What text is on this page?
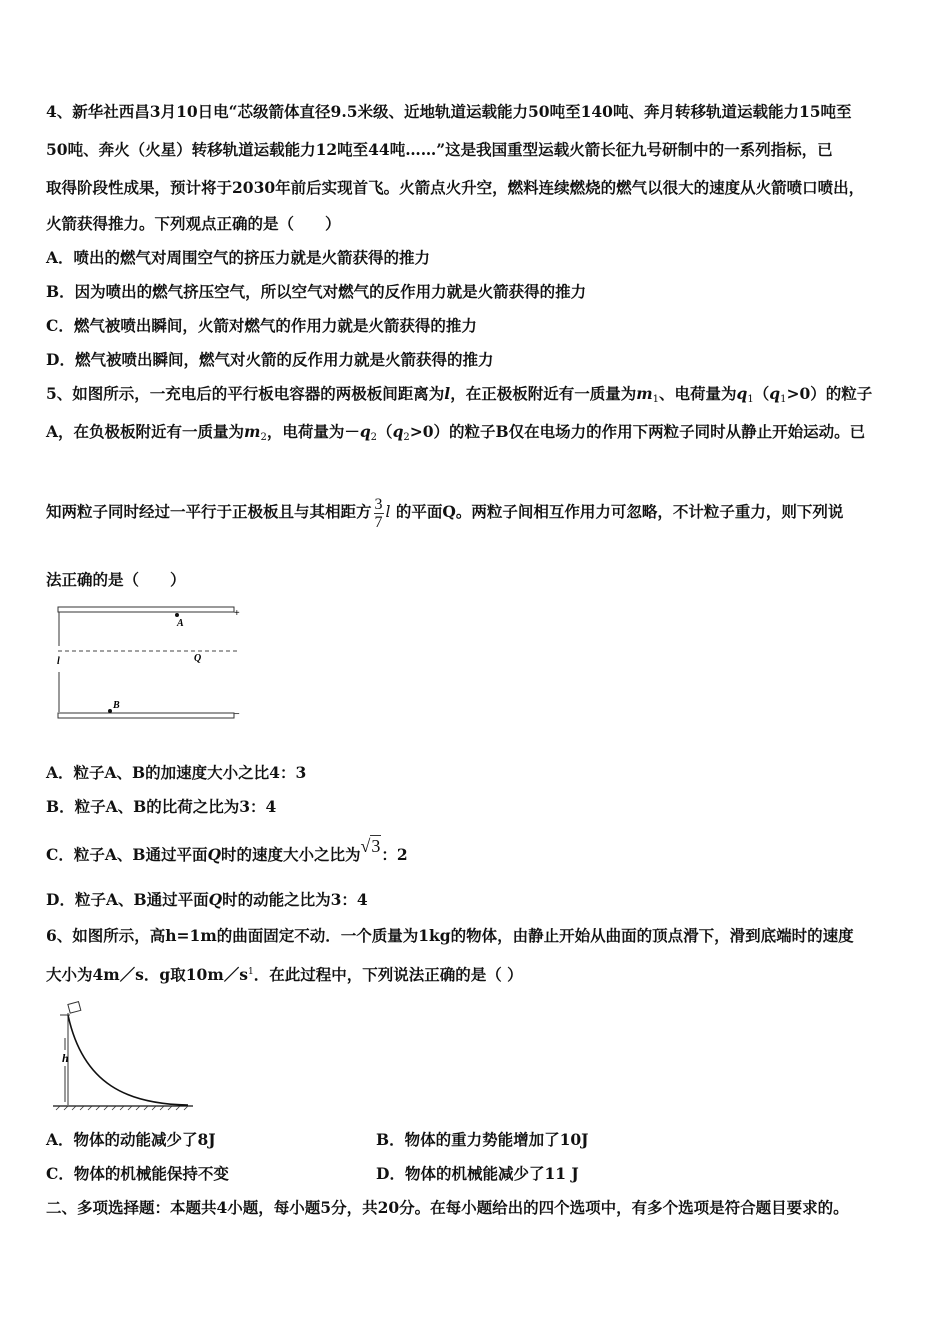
4、新华社西昌3月10日电“芯级箭体直径9.5米级、近地轨道运载能力50吨至140吨、奔月转移轨道运载能力15吨至
50吨、奔火（火星）转移轨道运载能力12吨至44吨……”这是我国重型运载火箭长征九号研制中的一系列指标，已
取得阶段性成果，预计将于2030年前后实现首飞。火箭点火升空，燃料连续燃烧的燃气以很大的速度从火箭喷口喷出，
火箭获得推力。下列观点正确的是（　　）
A．喷出的燃气对周围空气的挤压力就是火箭获得的推力
B．因为喷出的燃气挤压空气，所以空气对燃气的反作用力就是火箭获得的推力
C．燃气被喷出瞬间，火箭对燃气的作用力就是火箭获得的推力
D．燃气被喷出瞬间，燃气对火箭的反作用力就是火箭获得的推力
5、如图所示，一充电后的平行板电容器的两极板间距离为l，在正极板附近有一质量为$m_1$、电荷量为$q_1(q_1>0)$的粒子
A，在负极板附近有一质量为$m_2$，电荷量为$-q_2(q_2>0)$的粒子B仅在电场力的作用下两粒子同时从静止开始运动。已
知两粒子同时经过一平行于正极板且与其相距方 $\frac{3}{7}$ l 的平面Q。两粒子间相互作用力可忽略，不计粒子重力，则下列说
法正确的是（　　）
A
B
Q
l
+
−
A．粒子A、B的加速度大小之比4：3
B．粒子A、B的比荷之比为3：4
C．粒子A、B通过平面Q时的速度大小之比为√3：2
D．粒子A、B通过平面Q时的动能之比为3：4
6、如图所示，高h=1m的曲面固定不动．一个质量为1kg的物体，由静止开始从曲面的顶点滑下，滑到底端时的速度
大小为4m／s．g取$10m/s^1$．在此过程中，下列说法正确的是（ ）
h
A．物体的动能减少了8J	B．物体的重力势能增加了10J
C．物体的机械能保持不变	D．物体的机械能减少了11 J
二、多项选择题：本题共4小题，每小题5分，共20分。在每小题给出的四个选项中，有多个选项是符合题目要求的。
